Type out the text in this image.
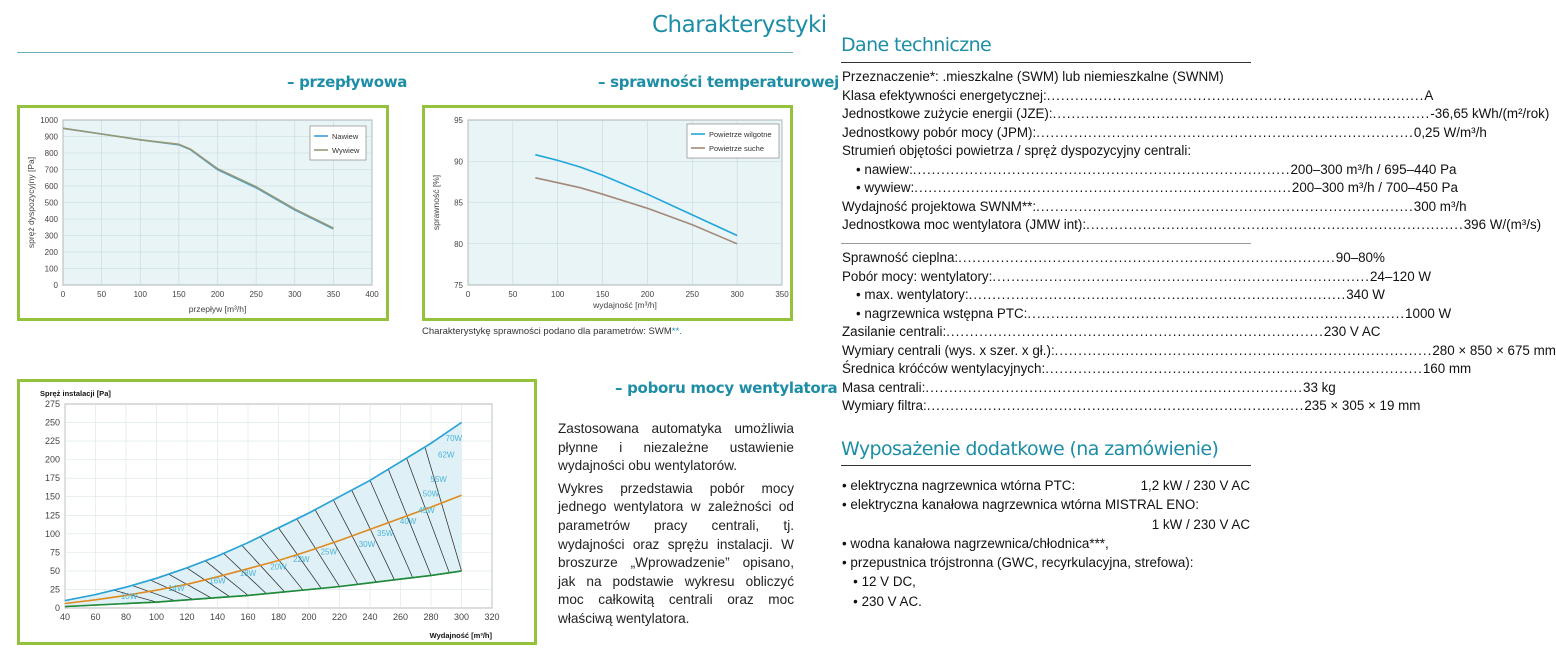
Charakterystyki
– przepływowa
0
100
200
300
400
500
600
700
800
900
1000
0	50	100	150	200	250	300	350	400
przepływ [m³/h]
spręż dyspozycyjny [Pa]
Nawiew
Wywiew
– sprawności temperaturowej
75
80
85
90
95
0	50	100	150	200	250	300	350
wydajność [m³/h]
sprawność [%]
Powietrze wilgotne
Powietrze suche
Charakterystykę sprawności podano dla parametrów: SWM**.
0
25
50
75
100
125
150
175
200
225
250
275
40 60 80 100 120 140 160 180 200 220 240 260 280 300 320
70W
62W
55W
50W
45W
40W
35W
30W
25W
22W
20W
18W
16W
14W
10W
Spręż instalacji [Pa]
Wydajność [m³/h]
– poboru mocy wentylatora

Zastosowana automatyka umożliwia płynne i niezależne ustawienie wydajności obu wentylatorów.

Wykres przedstawia pobór mocy jednego wentylatora w zależności od parametrów pracy centrali, tj. wydajności oraz sprężu instalacji. W broszurze „Wprowadzenie” opisano, jak na podstawie wykresu obliczyć moc całkowitą centrali oraz moc właściwą wentylatora.

Dane techniczne
Przeznaczenie*: . mieszkalne (SWM) lub niemieszkalne (SWNM)
Klasa efektywności energetycznej: ................................................................................ A
Jednostkowe zużycie energii (JZE): ................................................................................ -36,65 kWh/(m²/rok)
Jednostkowy pobór mocy (JPM): ................................................................................ 0,25 W/m³/h
Strumień objętości powietrza / spręż dyspozycyjny centrali:
• nawiew: ................................................................................ 200–300 m³/h / 695–440 Pa
• wywiew: ................................................................................ 200–300 m³/h / 700–450 Pa
Wydajność projektowa SWNM**: ................................................................................ 300 m³/h
Jednostkowa moc wentylatora (JMW int): ................................................................................ 396 W/(m³/s)
Sprawność cieplna: ................................................................................ 90–80%
Pobór mocy: wentylatory: ................................................................................ 24–120 W
• max. wentylatory: ................................................................................ 340 W
• nagrzewnica wstępna PTC: ................................................................................ 1000 W
Zasilanie centrali: ................................................................................ 230 V AC
Wymiary centrali (wys. x szer. x gł.): ................................................................................ 280 × 850 × 675 mm
Średnica króćców wentylacyjnych: ................................................................................ 160 mm
Masa centrali: ................................................................................ 33 kg
Wymiary filtra: ................................................................................ 235 × 305 × 19 mm
Wyposażenie dodatkowe (na zamówienie)
• elektryczna nagrzewnica wtórna PTC:	1,2 kW / 230 V AC
• elektryczna kanałowa nagrzewnica wtórna MISTRAL ENO:
1 kW / 230 V AC
• wodna kanałowa nagrzewnica/chłodnica***,
• przepustnica trójstronna (GWC, recyrkulacyjna, strefowa):
• 12 V DC,
• 230 V AC.
